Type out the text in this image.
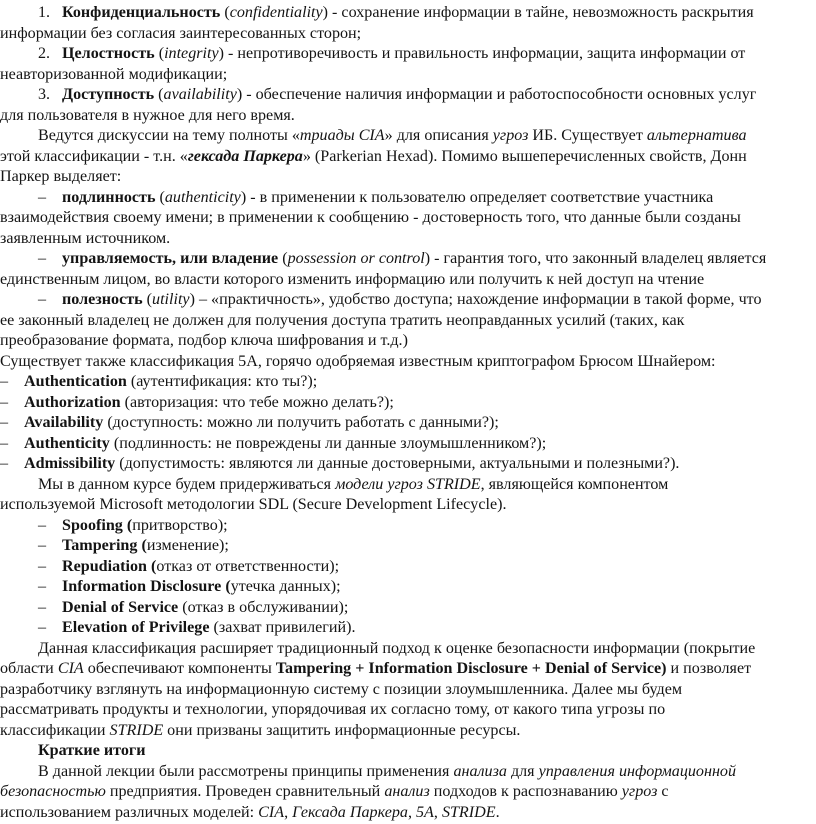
1. Конфиденциальность (confidentiality) - сохранение информации в тайне, невозможность раскрытия
информации без согласия заинтересованных сторон;
2. Целостность (integrity) - непротиворечивость и правильность информации, защита информации от
неавторизованной модификации;
3. Доступность (availability) - обеспечение наличия информации и работоспособности основных услуг
для пользователя в нужное для него время.
Ведутся дискуссии на тему полноты «триады CIA» для описания угроз ИБ. Существует альтернатива
этой классификации - т.н. «гексада Паркера» (Parkerian Hexad). Помимо вышеперечисленных свойств, Донн
Паркер выделяет:
– подлинность (authenticity) - в применении к пользователю определяет соответствие участника
взаимодействия своему имени; в применении к сообщению - достоверность того, что данные были созданы
заявленным источником.
– управляемость, или владение (possession or control) - гарантия того, что законный владелец является
единственным лицом, во власти которого изменить информацию или получить к ней доступ на чтение
– полезность (utility) – «практичность», удобство доступа; нахождение информации в такой форме, что
ее законный владелец не должен для получения доступа тратить неоправданных усилий (таких, как
преобразование формата, подбор ключа шифрования и т.д.)
Существует также классификация 5A, горячо одобряемая известным криптографом Брюсом Шнайером:
– Authentication (аутентификация: кто ты?);
– Authorization (авторизация: что тебе можно делать?);
– Availability (доступность: можно ли получить работать с данными?);
– Authenticity (подлинность: не повреждены ли данные злоумышленником?);
– Admissibility (допустимость: являются ли данные достоверными, актуальными и полезными?).
Мы в данном курсе будем придерживаться модели угроз STRIDE, являющейся компонентом
используемой Microsoft методологии SDL (Secure Development Lifecycle).
– Spoofing (притворство);
– Tampering (изменение);
– Repudiation (отказ от ответственности);
– Information Disclosure (утечка данных);
– Denial of Service (отказ в обслуживании);
– Elevation of Privilege (захват привилегий).
Данная классификация расширяет традиционный подход к оценке безопасности информации (покрытие
области CIA обеспечивают компоненты Tampering + Information Disclosure + Denial of Service) и позволяет
разработчику взглянуть на информационную систему с позиции злоумышленника. Далее мы будем
рассматривать продукты и технологии, упорядочивая их согласно тому, от какого типа угрозы по
классификации STRIDE они призваны защитить информационные ресурсы.
Краткие итоги
В данной лекции были рассмотрены принципы применения анализа для управления информационной
безопасностью предприятия. Проведен сравнительный анализ подходов к распознаванию угроз с
использованием различных моделей: CIA, Гексада Паркера, 5A, STRIDE.
